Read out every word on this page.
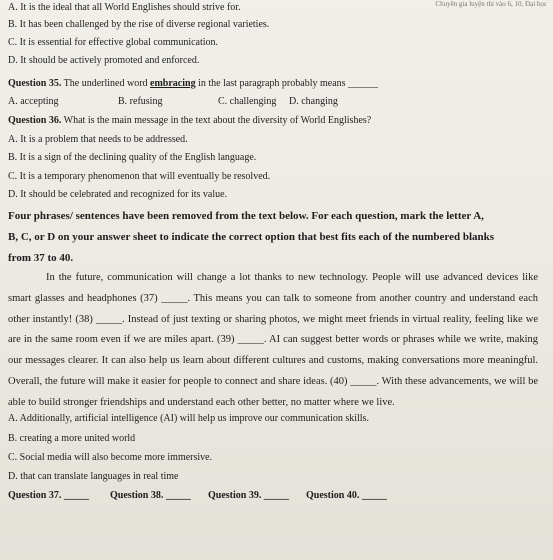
Chuyên gia luyện thi vào 6, 10, Đại học
A. It is the ideal that all World Englishes should strive for.
B. It has been challenged by the rise of diverse regional varieties.
C. It is essential for effective global communication.
D. It should be actively promoted and enforced.
Question 35. The underlined word embracing in the last paragraph probably means ______
A. accepting	B. refusing	C. challenging D. changing
Question 36. What is the main message in the text about the diversity of World Englishes?
A. It is a problem that needs to be addressed.
B. It is a sign of the declining quality of the English language.
C. It is a temporary phenomenon that will eventually be resolved.
D. It should be celebrated and recognized for its value.
Four phrases/ sentences have been removed from the text below. For each question, mark the letter A,
B, C, or D on your answer sheet to indicate the correct option that best fits each of the numbered blanks
from 37 to 40.

In the future, communication will change a lot thanks to new technology. People will use advanced devices like smart glasses and headphones (37) _____. This means you can talk to someone from another country and understand each other instantly! (38) _____. Instead of just texting or sharing photos, we might meet friends in virtual reality, feeling like we are in the same room even if we are miles apart. (39) _____. AI can suggest better words or phrases while we write, making our messages clearer. It can also help us learn about different cultures and customs, making conversations more meaningful. Overall, the future will make it easier for people to connect and share ideas. (40) _____. With these advancements, we will be able to build stronger friendships and understand each other better, no matter where we live.

A. Additionally, artificial intelligence (AI) will help us improve our communication skills.
B. creating a more united world
C. Social media will also become more immersive.
D. that can translate languages in real time
Question 37. _____ Question 38. _____ Question 39. _____ Question 40. _____
